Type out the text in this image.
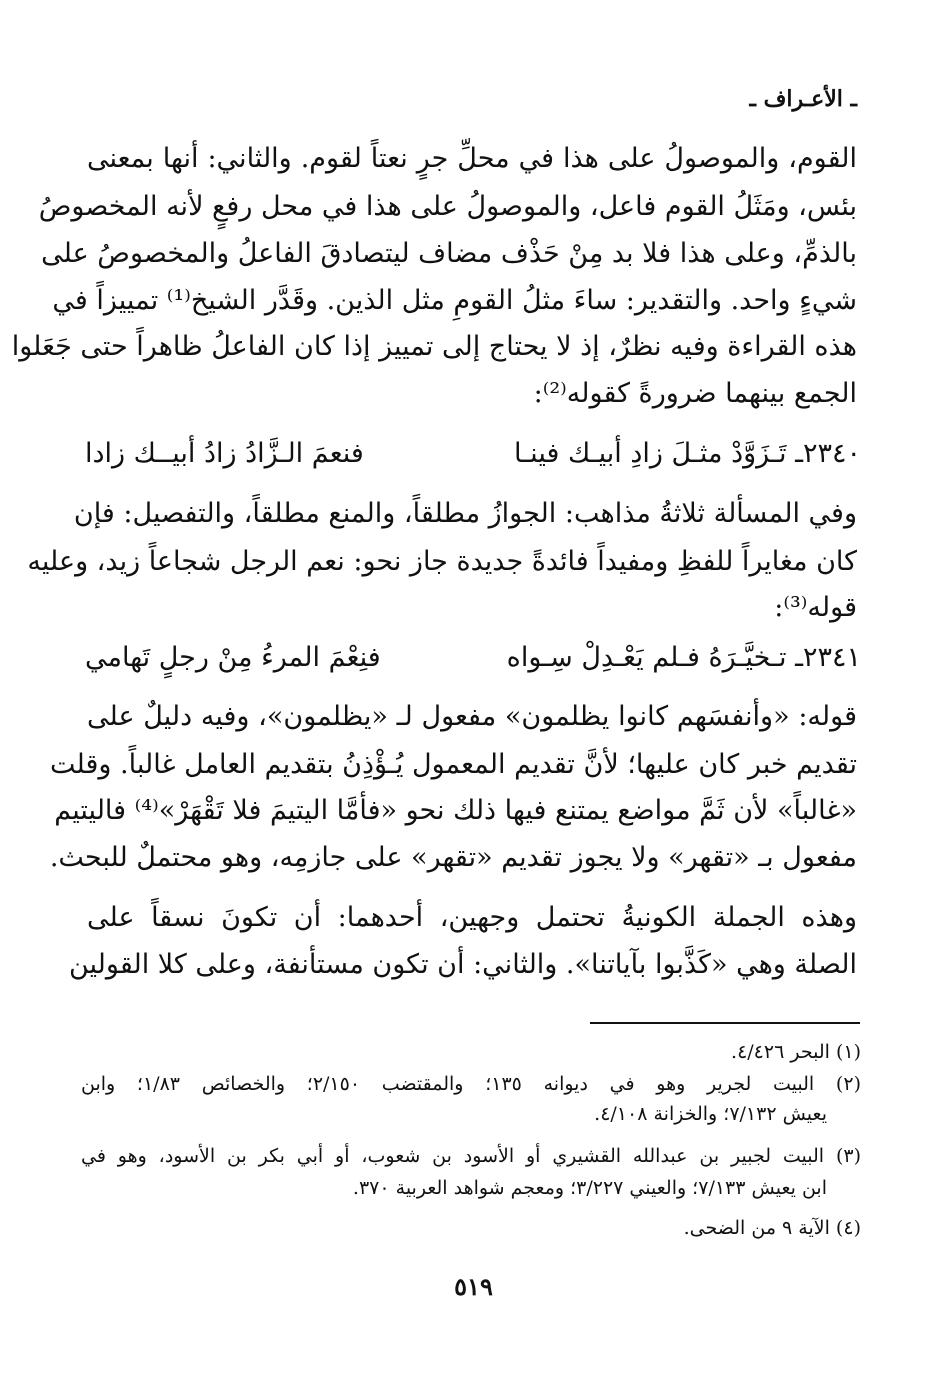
ـ الأعـراف ـ
القوم، والموصولُ على هذا في محلِّ جرٍ نعتاً لقوم. والثاني: أنها بمعنى
بئس، ومَثَلُ القوم فاعل، والموصولُ على هذا في محل رفعٍ لأنه المخصوصُ
بالذمِّ، وعلى هذا فلا بد مِنْ حَذْف مضاف ليتصادقَ الفاعلُ والمخصوصُ على
شيءٍ واحد. والتقدير: ساءَ مثلُ القومِ مثل الذين. وقَدَّر الشيخ⁽¹⁾ تمييزاً في
هذه القراءة وفيه نظرٌ، إذ لا يحتاج إلى تمييز إذا كان الفاعلُ ظاهراً حتى جَعَلوا
الجمع بينهما ضرورةً كقوله⁽²⁾:
٢٣٤٠ـ تَـزَوَّدْ مثـلَ زادِ أبيـك فينـا
فنعمَ الـزَّادُ زادُ أبيــك زادا
وفي المسألة ثلاثةُ مذاهب: الجوازُ مطلقاً، والمنع مطلقاً، والتفصيل: فإن
كان مغايراً للفظِ ومفيداً فائدةً جديدة جاز نحو: نعم الرجل شجاعاً زيد، وعليه
قوله⁽³⁾:
٢٣٤١ـ تـخيَّـرَهُ فـلم يَعْـدِلْ سِـواه
فنِعْمَ المرءُ مِنْ رجلٍ تَهامي
قوله: «وأنفسَهم كانوا يظلمون» مفعول لـ «يظلمون»، وفيه دليلٌ على
تقديم خبر كان عليها؛ لأنَّ تقديم المعمول يُـؤْذِنُ بتقديم العامل غالباً. وقلت
«غالباً» لأن ثَمَّ مواضع يمتنع فيها ذلك نحو «فأمَّا اليتيمَ فلا تَقْهَرْ»⁽⁴⁾ فاليتيم
مفعول بـ «تقهر» ولا يجوز تقديم «تقهر» على جازمِه، وهو محتملٌ للبحث.
وهذه الجملة الكونيةُ تحتمل وجهين، أحدهما: أن تكونَ نسقاً على
الصلة وهي «كَذَّبوا بآياتنا». والثاني: أن تكون مستأنفة، وعلى كلا القولين
(١) البحر ٤/٤٢٦.
(٢) البيت لجرير وهو في ديوانه ١٣٥؛ والمقتضب ٢/١٥٠؛ والخصائص ١/٨٣؛ وابن
يعيش ٧/١٣٢؛ والخزانة ٤/١٠٨.
(٣) البيت لجبير بن عبدالله القشيري أو الأسود بن شعوب، أو أبي بكر بن الأسود، وهو في
ابن يعيش ٧/١٣٣؛ والعيني ٣/٢٢٧؛ ومعجم شواهد العربية ٣٧٠.
(٤) الآية ٩ من الضحى.
٥١٩
